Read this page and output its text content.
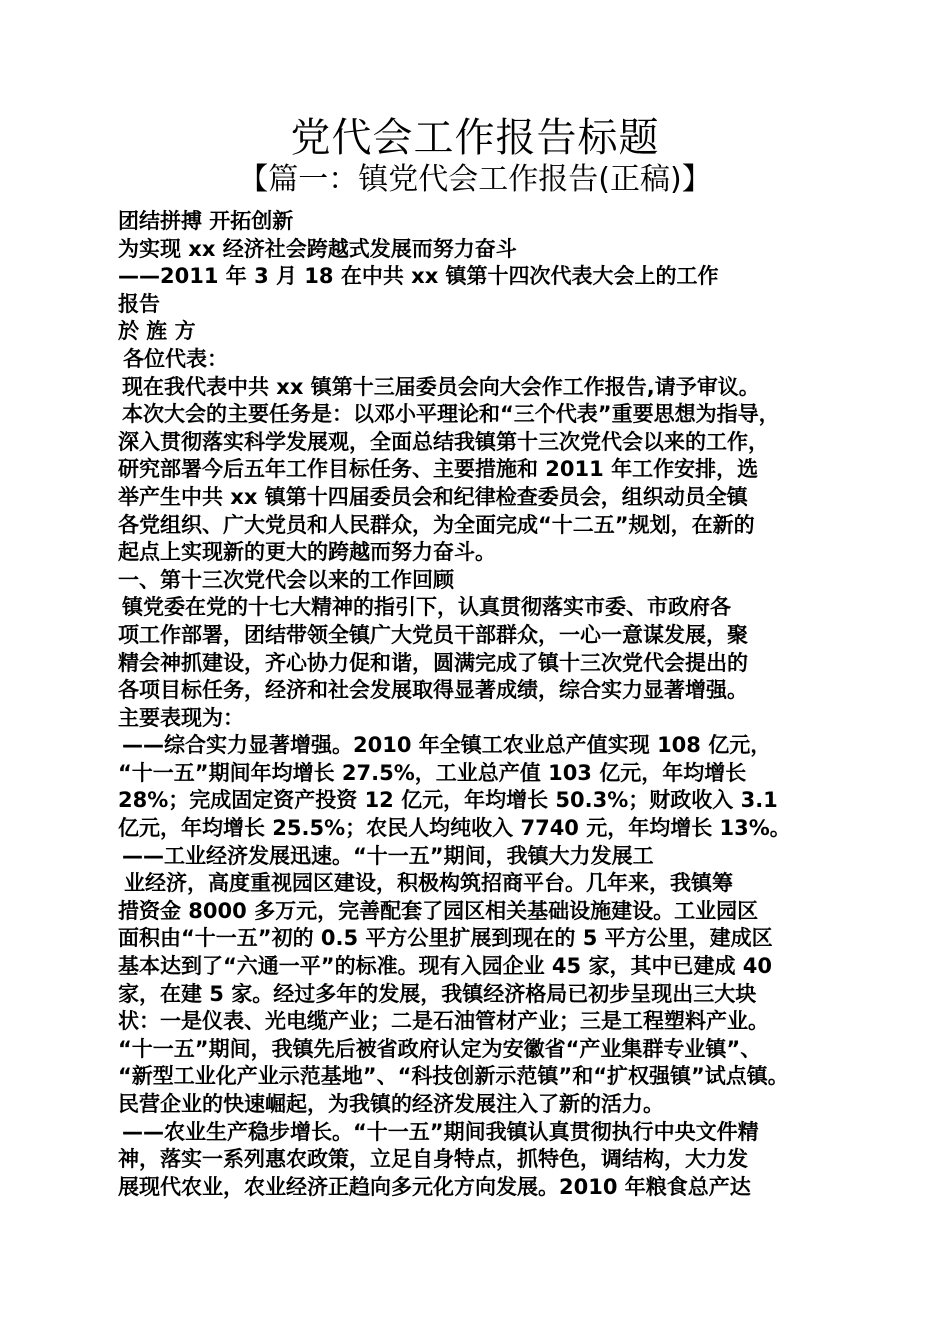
党代会工作报告标题
【篇一：镇党代会工作报告(正稿)】
团结拼搏 开拓创新
为实现 xx 经济社会跨越式发展而努力奋斗
——2011 年 3 月 18 在中共 xx 镇第十四次代表大会上的工作
报告
於 旌 方
各位代表：
现在我代表中共 xx 镇第十三届委员会向大会作工作报告,请予审议。
本次大会的主要任务是：以邓小平理论和“三个代表”重要思想为指导，
深入贯彻落实科学发展观，全面总结我镇第十三次党代会以来的工作，
研究部署今后五年工作目标任务、主要措施和 2011 年工作安排，选
举产生中共 xx 镇第十四届委员会和纪律检查委员会，组织动员全镇
各党组织、广大党员和人民群众，为全面完成“十二五”规划，在新的
起点上实现新的更大的跨越而努力奋斗。
一、第十三次党代会以来的工作回顾
镇党委在党的十七大精神的指引下，认真贯彻落实市委、市政府各
项工作部署，团结带领全镇广大党员干部群众，一心一意谋发展，聚
精会神抓建设，齐心协力促和谐，圆满完成了镇十三次党代会提出的
各项目标任务，经济和社会发展取得显著成绩，综合实力显著增强。
主要表现为：
——综合实力显著增强。2010 年全镇工农业总产值实现 108 亿元，
“十一五”期间年均增长 27.5%，工业总产值 103 亿元，年均增长
28%；完成固定资产投资 12 亿元，年均增长 50.3%；财政收入 3.1
亿元，年均增长 25.5%；农民人均纯收入 7740 元，年均增长 13%。
——工业经济发展迅速。“十一五”期间，我镇大力发展工
业经济，高度重视园区建设，积极构筑招商平台。几年来，我镇筹
措资金 8000 多万元，完善配套了园区相关基础设施建设。工业园区
面积由“十一五”初的 0.5 平方公里扩展到现在的 5 平方公里，建成区
基本达到了“六通一平”的标准。现有入园企业 45 家，其中已建成 40
家，在建 5 家。经过多年的发展，我镇经济格局已初步呈现出三大块
状：一是仪表、光电缆产业；二是石油管材产业；三是工程塑料产业。
“十一五”期间，我镇先后被省政府认定为安徽省“产业集群专业镇”、
“新型工业化产业示范基地”、“科技创新示范镇”和“扩权强镇”试点镇。
民营企业的快速崛起，为我镇的经济发展注入了新的活力。
——农业生产稳步增长。“十一五”期间我镇认真贯彻执行中央文件精
神，落实一系列惠农政策，立足自身特点，抓特色，调结构，大力发
展现代农业，农业经济正趋向多元化方向发展。2010 年粮食总产达
